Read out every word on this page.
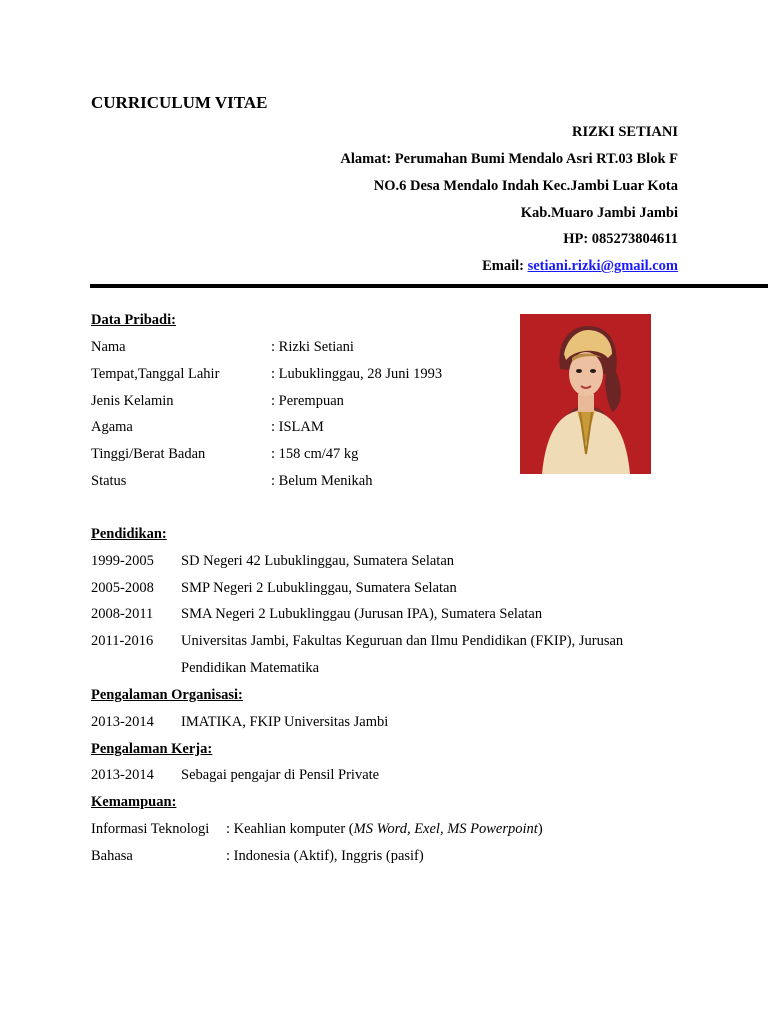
CURRICULUM VITAE
RIZKI SETIANI
Alamat: Perumahan Bumi Mendalo Asri RT.03 Blok F
NO.6 Desa Mendalo Indah Kec.Jambi Luar Kota
Kab.Muaro Jambi Jambi
HP: 085273804611
Email: setiani.rizki@gmail.com
Data Pribadi:
Nama	: Rizki Setiani
Tempat,Tanggal Lahir	: Lubuklinggau, 28 Juni 1993
Jenis Kelamin	: Perempuan
Agama	: ISLAM
Tinggi/Berat Badan	: 158 cm/47 kg
Status	: Belum Menikah
Pendidikan:
1999-2005 SD Negeri 42 Lubuklinggau, Sumatera Selatan
2005-2008 SMP Negeri 2 Lubuklinggau, Sumatera Selatan
2008-2011 SMA Negeri 2 Lubuklinggau (Jurusan IPA), Sumatera Selatan
2011-2016 Universitas Jambi, Fakultas Keguruan dan Ilmu Pendidikan (FKIP), Jurusan
Pendidikan Matematika
Pengalaman Organisasi:
2013-2014 IMATIKA, FKIP Universitas Jambi
Pengalaman Kerja:
2013-2014 Sebagai pengajar di Pensil Private
Kemampuan:
Informasi Teknologi : Keahlian komputer (MS Word, Exel, MS Powerpoint)
Bahasa	: Indonesia (Aktif), Inggris (pasif)
